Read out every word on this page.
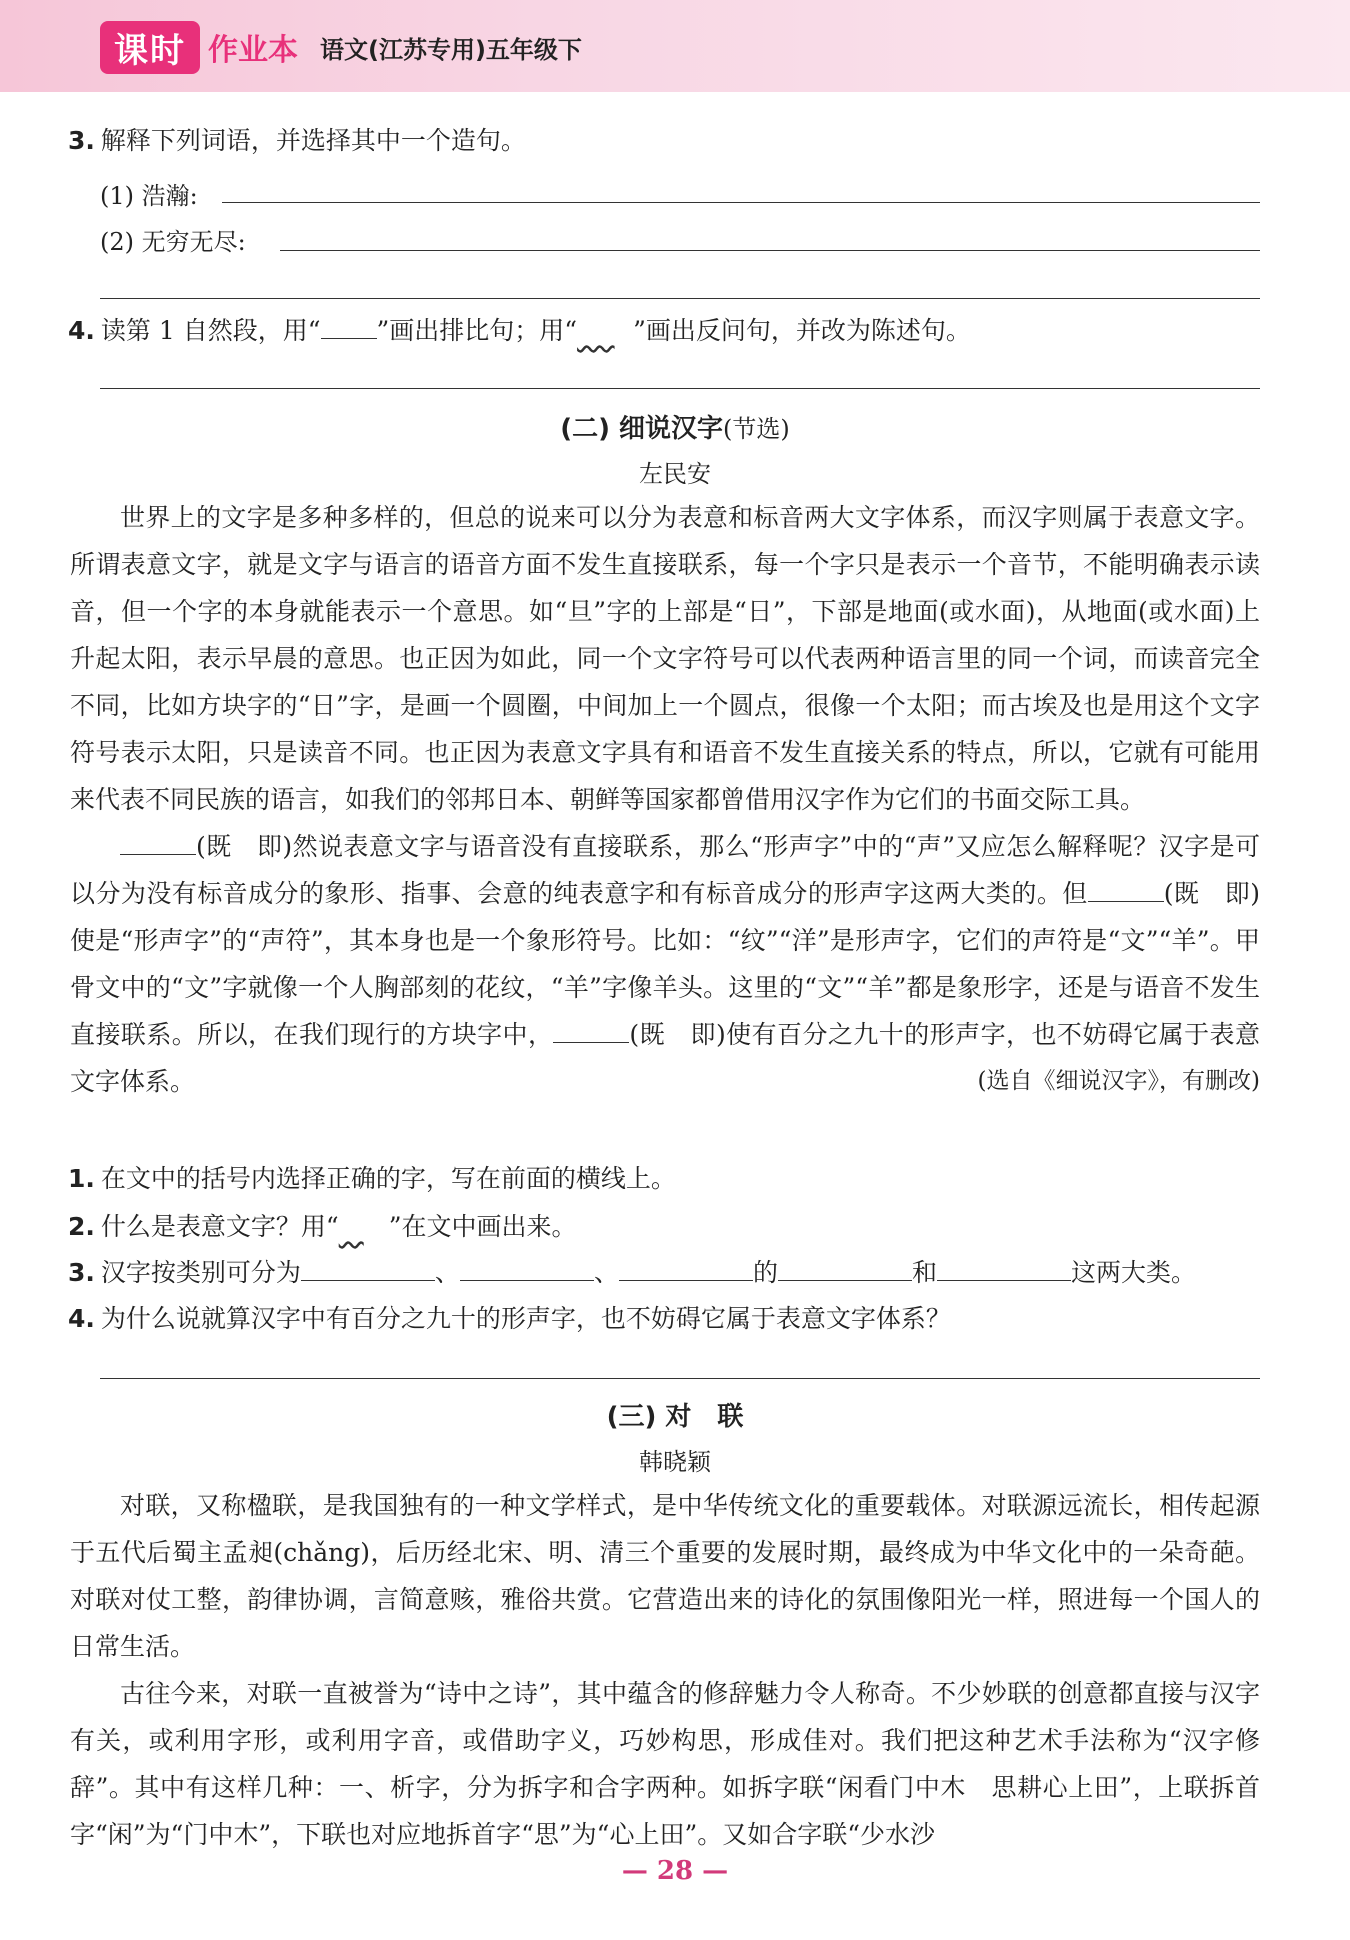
课时 作业本 语文(江苏专用)五年级下
3. 解释下列词语，并选择其中一个造句。
(1) 浩瀚:
(2) 无穷无尽:
4. 读第 1 自然段，用“ ”画出排比句；用“    ”画出反问句，并改为陈述句。
(二) 细说汉字(节选)
左民安

世界上的文字是多种多样的，但总的说来可以分为表意和标音两大文字体系，而汉字则属于表意文字。所谓表意文字，就是文字与语言的语音方面不发生直接联系，每一个字只是表示一个音节，不能明确表示读音，但一个字的本身就能表示一个意思。如“旦”字的上部是“日”，下部是地面(或水面)，从地面(或水面)上升起太阳，表示早晨的意思。也正因为如此，同一个文字符号可以代表两种语言里的同一个词，而读音完全不同，比如方块字的“日”字，是画一个圆圈，中间加上一个圆点，很像一个太阳；而古埃及也是用这个文字符号表示太阳，只是读音不同。也正因为表意文字具有和语音不发生直接关系的特点，所以，它就有可能用来代表不同民族的语言，如我们的邻邦日本、朝鲜等国家都曾借用汉字作为它们的书面交际工具。

(既　即)然说表意文字与语音没有直接联系，那么“形声字”中的“声”又应怎么解释呢？汉字是可以分为没有标音成分的象形、指事、会意的纯表意字和有标音成分的形声字这两大类的。但	(既　即)使是“形声字”的“声符”，其本身也是一个象形符号。比如：“纹”“洋”是形声字，它们的声符是“文”“羊”。甲骨文中的“文”字就像一个人胸部刻的花纹，“羊”字像羊头。这里的“文”“羊”都是象形字，还是与语音不发生直接联系。所以，在我们现行的方块字中，	(既　即)使有百分之九十的形声字，也不妨碍它属于表意文字体系。	(选自《细说汉字》，有删改)
1. 在文中的括号内选择正确的字，写在前面的横线上。
2. 什么是表意文字？用“   ”在文中画出来。
3. 汉字按类别可分为	、	、	的	和	这两大类。
4. 为什么说就算汉字中有百分之九十的形声字，也不妨碍它属于表意文字体系？
(三) 对　联
韩晓颖

对联，又称楹联，是我国独有的一种文学样式，是中华传统文化的重要载体。对联源远流长，相传起源于五代后蜀主孟昶(chǎng)，后历经北宋、明、清三个重要的发展时期，最终成为中华文化中的一朵奇葩。对联对仗工整，韵律协调，言简意赅，雅俗共赏。它营造出来的诗化的氛围像阳光一样，照进每一个国人的日常生活。

古往今来，对联一直被誉为“诗中之诗”，其中蕴含的修辞魅力令人称奇。不少妙联的创意都直接与汉字有关，或利用字形，或利用字音，或借助字义，巧妙构思，形成佳对。我们把这种艺术手法称为“汉字修辞”。其中有这样几种：一、析字，分为拆字和合字两种。如拆字联“闲看门中木　思耕心上田”，上联拆首字“闲”为“门中木”，下联也对应地拆首字“思”为“心上田”。又如合字联“少水沙

— 28 —
